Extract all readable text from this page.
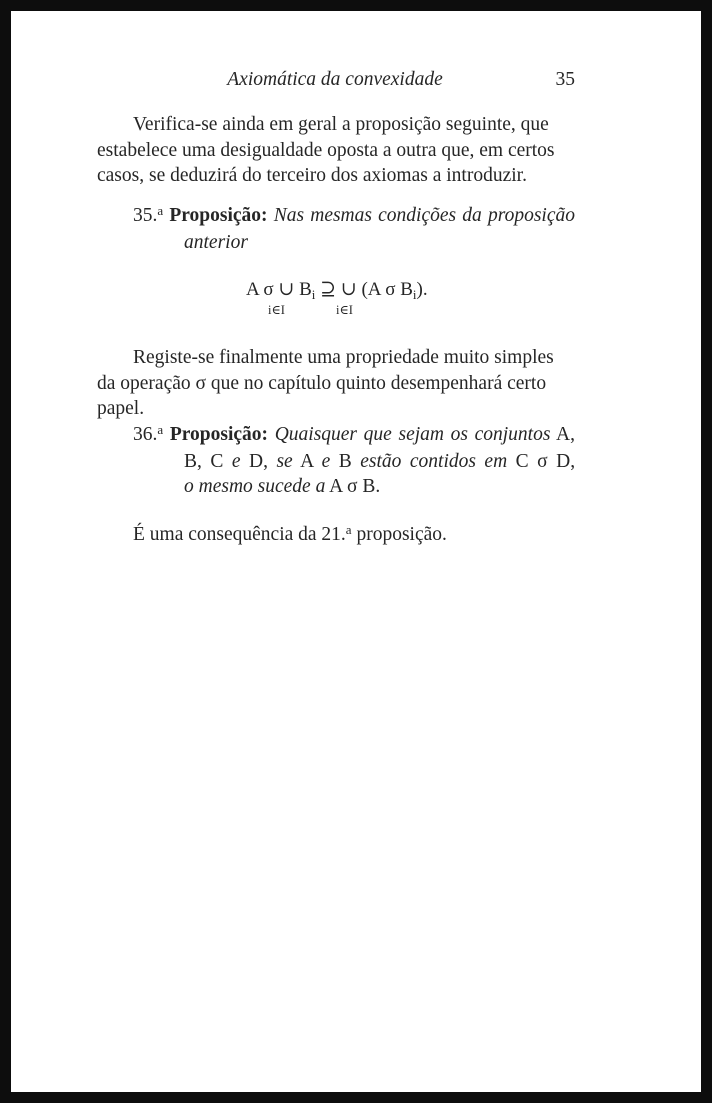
Axiomática da convexidade	35
Verifica-se ainda em geral a proposição seguinte, que
estabelece uma desigualdade oposta a outra que, em certos
casos, se deduzirá do terceiro dos axiomas a introduzir.
35.$^a$ Proposição: Nas mesmas condições da proposição
anterior
A σ ∪ $B_i$ ⊇ ∪ (A σ $B_i$).
i∈I	i∈I
Registe-se finalmente uma propriedade muito simples
da operação σ que no capítulo quinto desempenhará certo
papel.
36.$^a$ Proposição: Quaisquer que sejam os conjuntos A,
B, C e D, se A e B estão contidos em C σ D,
o mesmo sucede a A σ B.
É uma consequência da 21.$^a$ proposição.
